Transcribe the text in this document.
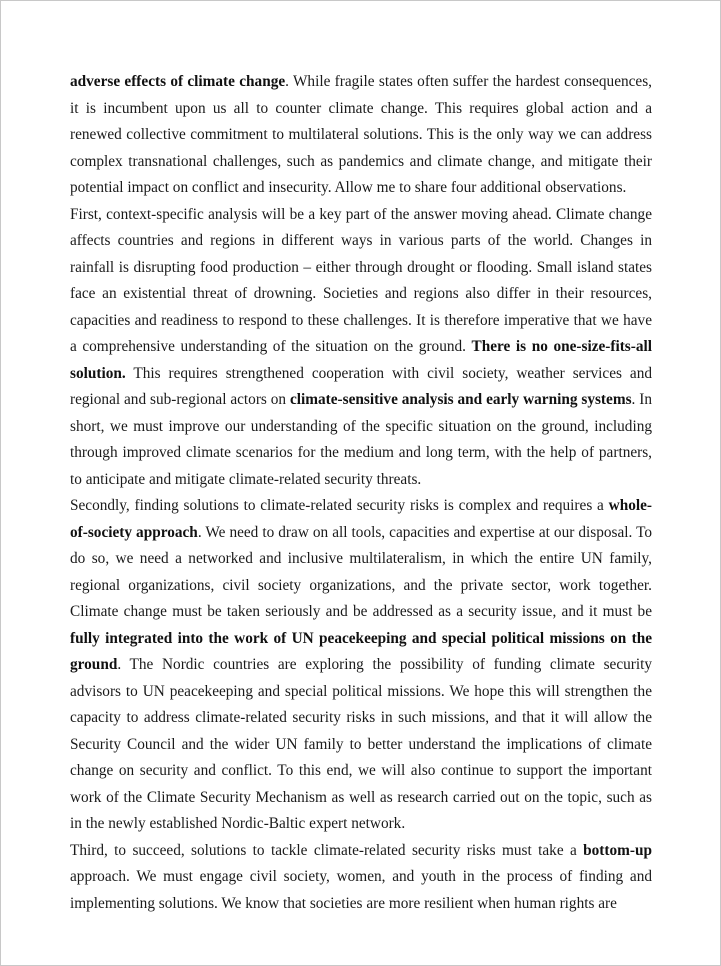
adverse effects of climate change. While fragile states often suffer the hardest consequences, it is incumbent upon us all to counter climate change. This requires global action and a renewed collective commitment to multilateral solutions. This is the only way we can address complex transnational challenges, such as pandemics and climate change, and mitigate their potential impact on conflict and insecurity. Allow me to share four additional observations.

First, context-specific analysis will be a key part of the answer moving ahead. Climate change affects countries and regions in different ways in various parts of the world. Changes in rainfall is disrupting food production – either through drought or flooding. Small island states face an existential threat of drowning. Societies and regions also differ in their resources, capacities and readiness to respond to these challenges. It is therefore imperative that we have a comprehensive understanding of the situation on the ground. There is no one-size-fits-all solution. This requires strengthened cooperation with civil society, weather services and regional and sub-regional actors on climate-sensitive analysis and early warning systems. In short, we must improve our understanding of the specific situation on the ground, including through improved climate scenarios for the medium and long term, with the help of partners, to anticipate and mitigate climate-related security threats.

Secondly, finding solutions to climate-related security risks is complex and requires a whole-of-society approach. We need to draw on all tools, capacities and expertise at our disposal. To do so, we need a networked and inclusive multilateralism, in which the entire UN family, regional organizations, civil society organizations, and the private sector, work together. Climate change must be taken seriously and be addressed as a security issue, and it must be fully integrated into the work of UN peacekeeping and special political missions on the ground. The Nordic countries are exploring the possibility of funding climate security advisors to UN peacekeeping and special political missions. We hope this will strengthen the capacity to address climate-related security risks in such missions, and that it will allow the Security Council and the wider UN family to better understand the implications of climate change on security and conflict. To this end, we will also continue to support the important work of the Climate Security Mechanism as well as research carried out on the topic, such as in the newly established Nordic-Baltic expert network.

Third, to succeed, solutions to tackle climate-related security risks must take a bottom-up approach. We must engage civil society, women, and youth in the process of finding and implementing solutions. We know that societies are more resilient when human rights are
